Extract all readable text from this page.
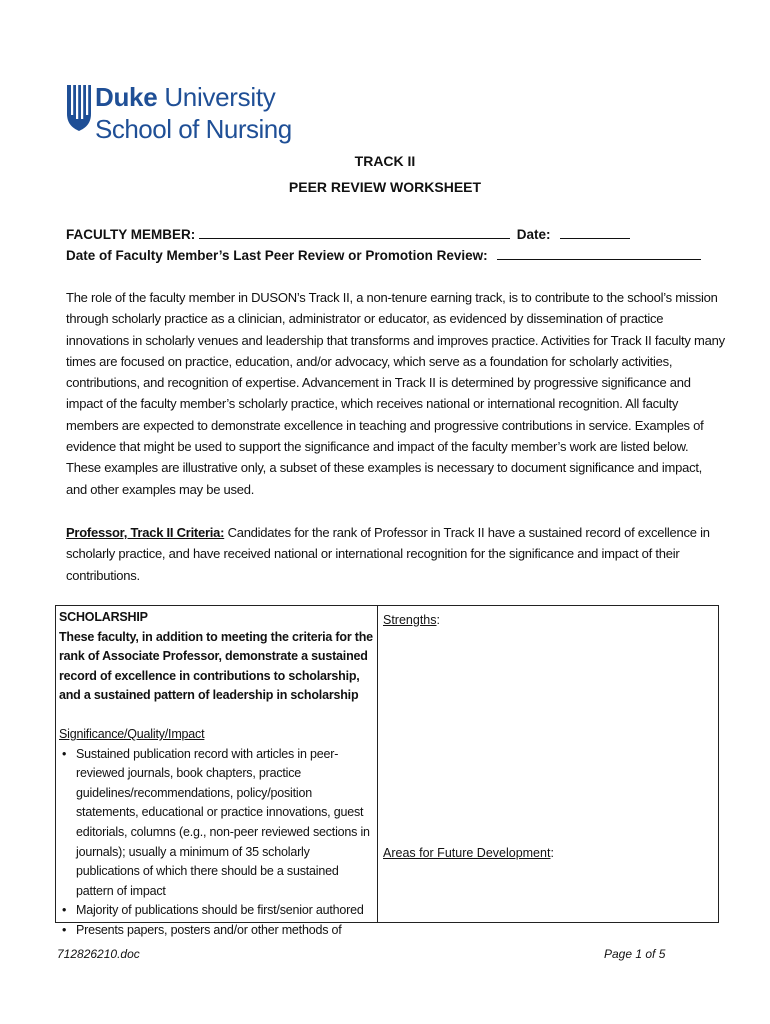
Duke University
School of Nursing
TRACK II
PEER REVIEW WORKSHEET
FACULTY MEMBER:	Date:
Date of Faculty Member’s Last Peer Review or Promotion Review:
The role of the faculty member in DUSON’s Track II, a non-tenure earning track, is to contribute to the school’s mission through scholarly practice as a clinician, administrator or educator, as evidenced by dissemination of practice innovations in scholarly venues and leadership that transforms and improves practice. Activities for Track II faculty many times are focused on practice, education, and/or advocacy, which serve as a foundation for scholarly activities, contributions, and recognition of expertise. Advancement in Track II is determined by progressive significance and impact of the faculty member’s scholarly practice, which receives national or international recognition. All faculty members are expected to demonstrate excellence in teaching and progressive contributions in service. Examples of evidence that might be used to support the significance and impact of the faculty member’s work are listed below. These examples are illustrative only, a subset of these examples is necessary to document significance and impact, and other examples may be used.
Professor, Track II Criteria: Candidates for the rank of Professor in Track II have a sustained record of excellence in scholarly practice, and have received national or international recognition for the significance and impact of their contributions.
SCHOLARSHIP
These faculty, in addition to meeting the criteria for the rank of Associate Professor, demonstrate a sustained record of excellence in contributions to scholarship, and a sustained pattern of leadership in scholarship
Significance/Quality/Impact
• Sustained publication record with articles in peer-reviewed journals, book chapters, practice guidelines/recommendations, policy/position statements, educational or practice innovations, guest editorials, columns (e.g., non-peer reviewed sections in journals); usually a minimum of 35 scholarly publications of which there should be a sustained pattern of impact
• Majority of publications should be first/senior authored
• Presents papers, posters and/or other methods of
Strengths:
Areas for Future Development:
712826210.doc	Page 1 of 5
